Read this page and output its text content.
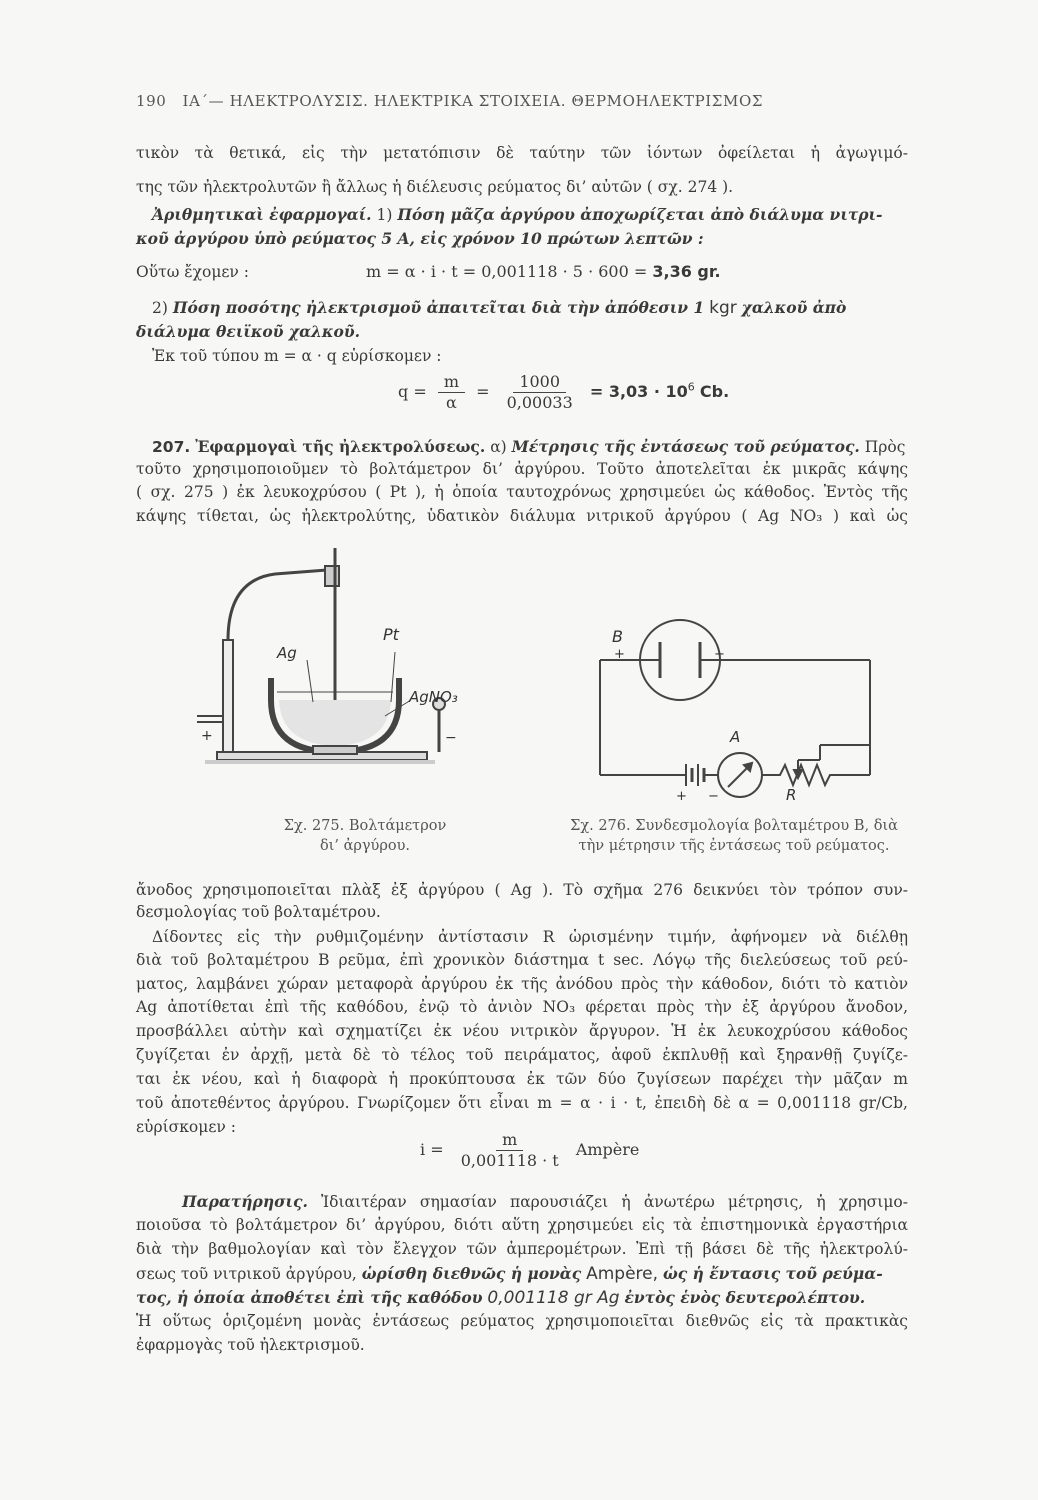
190 ΙΑ΄— ΗΛΕΚΤΡΟΛΥΣΙΣ. ΗΛΕΚΤΡΙΚΑ ΣΤΟΙΧΕΙΑ. ΘΕΡΜΟΗΛΕΚΤΡΙΣΜΟΣ
τικὸν τὰ θετικά, εἰς τὴν μετατόπισιν δὲ ταύτην τῶν ἰόντων ὀφείλεται ἡ ἀγωγιμό-
της τῶν ἠλεκτρολυτῶν ἢ ἄλλως ἡ διέλευσις ρεύματος δι’ αὐτῶν ( σχ. 274 ).
Ἀριθμητικαὶ ἐφαρμογαί. 1) Πόση μᾶζα ἀργύρου ἀποχωρίζεται ἀπὸ διάλυμα νιτρι-
κοῦ ἀργύρου ὑπὸ ρεύματος 5 Α, εἰς χρόνον 10 πρώτων λεπτῶν :
Οὕτω ἔχομεν :	m = α · i · t = 0,001118 · 5 · 600 = 3,36 gr.
2) Πόση ποσότης ἠλεκτρισμοῦ ἀπαιτεῖται διὰ τὴν ἀπόθεσιν 1 kgr χαλκοῦ ἀπὸ
διάλυμα θειϊκοῦ χαλκοῦ.
Ἐκ τοῦ τύπου m = α · q εὑρίσκομεν :
$q = \frac{m}{\alpha} = \frac{1000}{0,00033} = 3,03 \cdot 10^6$ Cb.
207. Ἐφαρμογαὶ τῆς ἠλεκτρολύσεως. α) Μέτρησις τῆς ἐντάσεως τοῦ ρεύματος. Πρὸς
τοῦτο χρησιμοποιοῦμεν τὸ βολτάμετρον δι’ ἀργύρου. Τοῦτο ἀποτελεῖται ἐκ μικρᾶς κάψης
( σχ. 275 ) ἐκ λευκοχρύσου ( Pt ), ἡ ὁποία ταυτοχρόνως χρησιμεύει ὡς κάθοδος. Ἐντὸς τῆς
κάψης τίθεται, ὡς ἠλεκτρολύτης, ὑδατικὸν διάλυμα νιτρικοῦ ἀργύρου ( Ag NO₃ ) καὶ ὡς
Ag
Pt
AgNO₃
+	−
Σχ. 275. Βολτάμετρον
δι’ ἀργύρου.
B
A
R
+	−
+ −
Σχ. 276. Συνδεσμολογία βολταμέτρου B, διὰ
τὴν μέτρησιν τῆς ἐντάσεως τοῦ ρεύματος.
ἄνοδος χρησιμοποιεῖται πλὰξ ἐξ ἀργύρου ( Ag ). Τὸ σχῆμα 276 δεικνύει τὸν τρόπον συν-
δεσμολογίας τοῦ βολταμέτρου.
Δίδοντες εἰς τὴν ρυθμιζομένην ἀντίστασιν R ὡρισμένην τιμήν, ἀφήνομεν νὰ διέλθῃ
διὰ τοῦ βολταμέτρου B ρεῦμα, ἐπὶ χρονικὸν διάστημα t sec. Λόγῳ τῆς διελεύσεως τοῦ ρεύ-
ματος, λαμβάνει χώραν μεταφορὰ ἀργύρου ἐκ τῆς ἀνόδου πρὸς τὴν κάθοδον, διότι τὸ κατιὸν
Ag ἀποτίθεται ἐπὶ τῆς καθόδου, ἐνῷ τὸ ἀνιὸν NO₃ φέρεται πρὸς τὴν ἐξ ἀργύρου ἄνοδον,
προσβάλλει αὐτὴν καὶ σχηματίζει ἐκ νέου νιτρικὸν ἄργυρον. Ἡ ἐκ λευκοχρύσου κάθοδος
ζυγίζεται ἐν ἀρχῇ, μετὰ δὲ τὸ τέλος τοῦ πειράματος, ἀφοῦ ἐκπλυθῇ καὶ ξηρανθῇ ζυγίζε-
ται ἐκ νέου, καὶ ἡ διαφορὰ ἡ προκύπτουσα ἐκ τῶν δύο ζυγίσεων παρέχει τὴν μᾶζαν m
τοῦ ἀποτεθέντος ἀργύρου. Γνωρίζομεν ὅτι εἶναι m = α · i · t, ἐπειδὴ δὲ α = 0,001118 gr/Cb,
εὑρίσκομεν :
$i = \frac{m}{0,001118 \cdot t}$ Ampère
Παρατήρησις. Ἰδιαιτέραν σημασίαν παρουσιάζει ἡ ἀνωτέρω μέτρησις, ἡ χρησιμο-
ποιοῦσα τὸ βολτάμετρον δι’ ἀργύρου, διότι αὕτη χρησιμεύει εἰς τὰ ἐπιστημονικὰ ἐργαστήρια
διὰ τὴν βαθμολογίαν καὶ τὸν ἔλεγχον τῶν ἀμπερομέτρων. Ἐπὶ τῇ βάσει δὲ τῆς ἠλεκτρολύ-
σεως τοῦ νιτρικοῦ ἀργύρου, ὡρίσθη διεθνῶς ἡ μονὰς Ampère, ὡς ἡ ἔντασις τοῦ ρεύμα-
τος, ἡ ὁποία ἀποθέτει ἐπὶ τῆς καθόδου 0,001118 gr Ag ἐντὸς ἑνὸς δευτερολέπτου.
Ἡ οὕτως ὁριζομένη μονὰς ἐντάσεως ρεύματος χρησιμοποιεῖται διεθνῶς εἰς τὰ πρακτικὰς
ἐφαρμογὰς τοῦ ἠλεκτρισμοῦ.
